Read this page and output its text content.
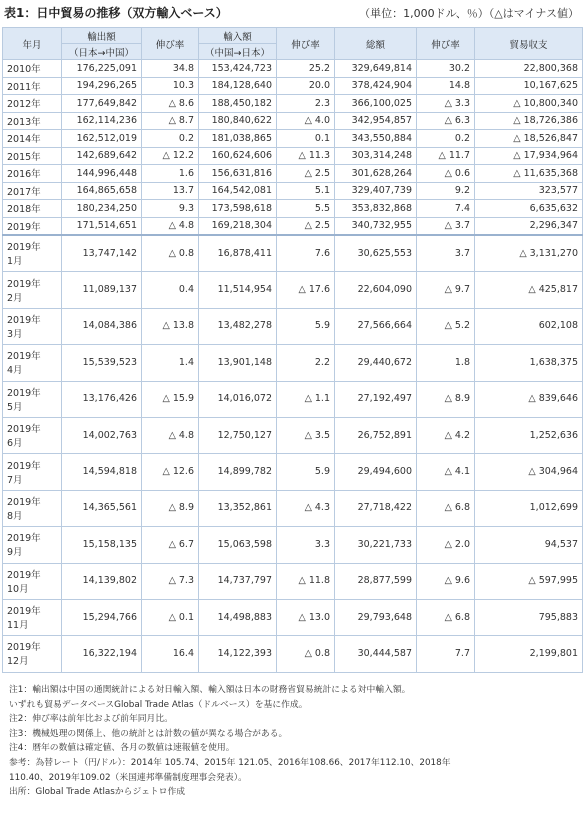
表1：日中貿易の推移（双方輸入ベース）	（単位：1,000ドル、％）（△はマイナス値）
年月	輸出額	伸び率	輸入額	伸び率	総額	伸び率	貿易収支
	（日本→中国）		（中国→日本）				
2010年	176,225,091	34.8	153,424,723	25.2	329,649,814	30.2	22,800,368
2011年	194,296,265	10.3	184,128,640	20.0	378,424,904	14.8	10,167,625
2012年	177,649,842	△ 8.6	188,450,182	2.3	366,100,025	△ 3.3	△ 10,800,340
2013年	162,114,236	△ 8.7	180,840,622	△ 4.0	342,954,857	△ 6.3	△ 18,726,386
2014年	162,512,019	0.2	181,038,865	0.1	343,550,884	0.2	△ 18,526,847
2015年	142,689,642	△ 12.2	160,624,606	△ 11.3	303,314,248	△ 11.7	△ 17,934,964
2016年	144,996,448	1.6	156,631,816	△ 2.5	301,628,264	△ 0.6	△ 11,635,368
2017年	164,865,658	13.7	164,542,081	5.1	329,407,739	9.2	323,577
2018年	180,234,250	9.3	173,598,618	5.5	353,832,868	7.4	6,635,632
2019年	171,514,651	△ 4.8	169,218,304	△ 2.5	340,732,955	△ 3.7	2,296,347

2019年
1月	13,747,142	△ 0.8	16,878,411	7.6	30,625,553	3.7	△ 3,131,270

2019年
2月	11,089,137	0.4	11,514,954	△ 17.6	22,604,090	△ 9.7	△ 425,817

2019年
3月	14,084,386	△ 13.8	13,482,278	5.9	27,566,664	△ 5.2	602,108

2019年
4月	15,539,523	1.4	13,901,148	2.2	29,440,672	1.8	1,638,375

2019年
5月	13,176,426	△ 15.9	14,016,072	△ 1.1	27,192,497	△ 8.9	△ 839,646

2019年
6月	14,002,763	△ 4.8	12,750,127	△ 3.5	26,752,891	△ 4.2	1,252,636

2019年
7月	14,594,818	△ 12.6	14,899,782	5.9	29,494,600	△ 4.1	△ 304,964

2019年
8月	14,365,561	△ 8.9	13,352,861	△ 4.3	27,718,422	△ 6.8	1,012,699

2019年
9月	15,158,135	△ 6.7	15,063,598	3.3	30,221,733	△ 2.0	94,537

2019年
10月	14,139,802	△ 7.3	14,737,797	△ 11.8	28,877,599	△ 9.6	△ 597,995

2019年
11月	15,294,766	△ 0.1	14,498,883	△ 13.0	29,793,648	△ 6.8	795,883

2019年
12月	16,322,194	16.4	14,122,393	△ 0.8	30,444,587	7.7	2,199,801
注1：輸出額は中国の通関統計による対日輸入額、輸入額は日本の財務省貿易統計による対中輸入額。
いずれも貿易データベースGlobal Trade Atlas（ドルベース）を基に作成。
注2：伸び率は前年比および前年同月比。
注3：機械処理の関係上、他の統計とは計数の値が異なる場合がある。
注4：暦年の数値は確定値、各月の数値は速報値を使用。
参考：為替レート（円/ドル）：2014年 105.74、2015年 121.05、2016年108.66、2017年112.10、2018年
110.40、2019年109.02（米国連邦準備制度理事会発表）。
出所：Global Trade Atlasからジェトロ作成
